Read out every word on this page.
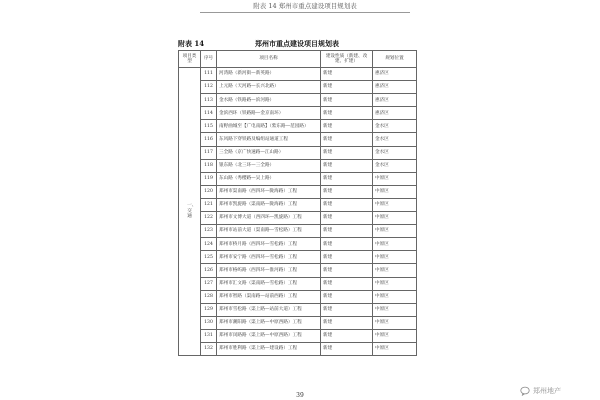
附表 14 郑州市重点建设项目规划表
附表 14	郑州市重点建设项目规划表
项目类型	序号	项目名称	建设性质（新建、改建、扩建）	规划位置
一、交通	111	河湾路（新河街—新英路）	新建	惠济区
	112	上元路（天河路—长兴北路）	新建	惠济区
	113	金水路（铁路路—滨河路）	新建	惠济区
	114	金滨西环（铁路路—金京南环）	新建	惠济区
	115	南野曲城至【广电南路】（紫东路—范园路）	新建	金水区
	116	东风路下穿铁路及编组站通道工程	新建	金水区
	117	三全路（京广快速路—江山路）	新建	金水区
	118	银东路（北三环—三全路）	新建	金水区
	119	东山路（秀樱路—吴上路）	新建	中原区
	120	郑州市渠南路（西四环—陇海路）工程	新建	中原区
	121	郑州市凯旋路（渠南路—陇海路）工程	新建	中原区
	122	郑州市文博大道（西四环—凯旋路）工程	新建	中原区
	123	郑州市站前大道（渠南路—雪松路）工程	新建	中原区
	124	郑州市桥月路（西四环—雪松路）工程	新建	中原区
	125	郑州市安宁路（西四环—雪松路）工程	新建	中原区
	126	郑州市格屿路（西四环—淮河路）工程	新建	中原区
	127	郑州市汇文路（渠南路—雪松路）工程	新建	中原区
	128	郑州市智路（渠南路—站前西路）工程	新建	中原区
	129	郑州市雪松路（渠上路—站前大道）工程	新建	中原区
	130	郑州市潮阳路（渠上路—中原西路）工程	新建	中原区
	131	郑州市闵路路（渠上路—中原西路）工程	新建	中原区
	132	郑州市胜利路（渠上路—建设路）工程	新建	中原区
39
郑州地产
